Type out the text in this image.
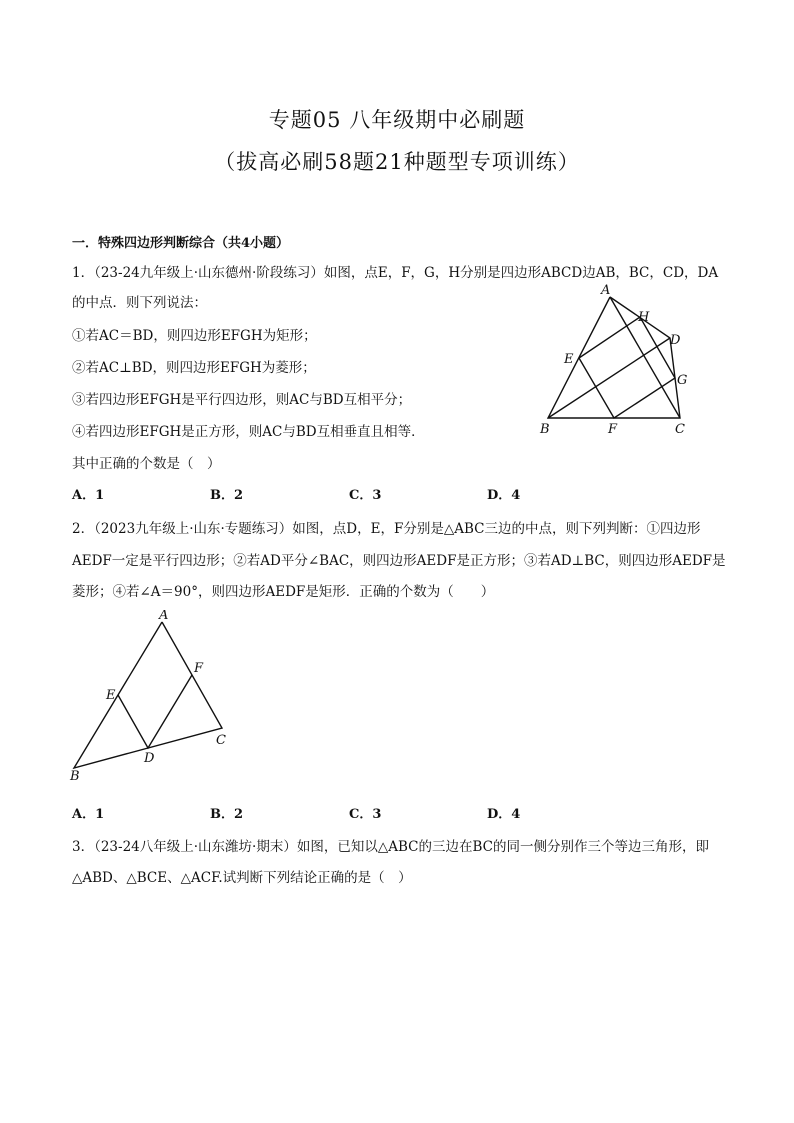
专题05 八年级期中必刷题
（拔高必刷58题21种题型专项训练）
一．特殊四边形判断综合（共4小题）
1．（23-24九年级上·山东德州·阶段练习）如图，点E，F，G，H分别是四边形ABCD边AB，BC，CD，DA
的中点．则下列说法：
①若AC＝BD，则四边形EFGH为矩形；
②若AC⊥BD，则四边形EFGH为菱形；
③若四边形EFGH是平行四边形，则AC与BD互相平分；
④若四边形EFGH是正方形，则AC与BD互相垂直且相等．
其中正确的个数是（　）
A．1	B．2	C．3	D．4
A
H
D
E
G
B	F	C
2．（2023九年级上·山东·专题练习）如图，点D，E，F分别是△ABC三边的中点，则下列判断：①四边形
AEDF一定是平行四边形；②若AD平分∠BAC，则四边形AEDF是正方形；③若AD⊥BC，则四边形AEDF是
菱形；④若∠A＝90°，则四边形AEDF是矩形．正确的个数为（　　）
A
F
E
C
D
B
A．1	B．2	C．3	D．4
3．（23-24八年级上·山东潍坊·期末）如图，已知以△ABC的三边在BC的同一侧分别作三个等边三角形，即
△ABD、△BCE、△ACF.试判断下列结论正确的是（　）
